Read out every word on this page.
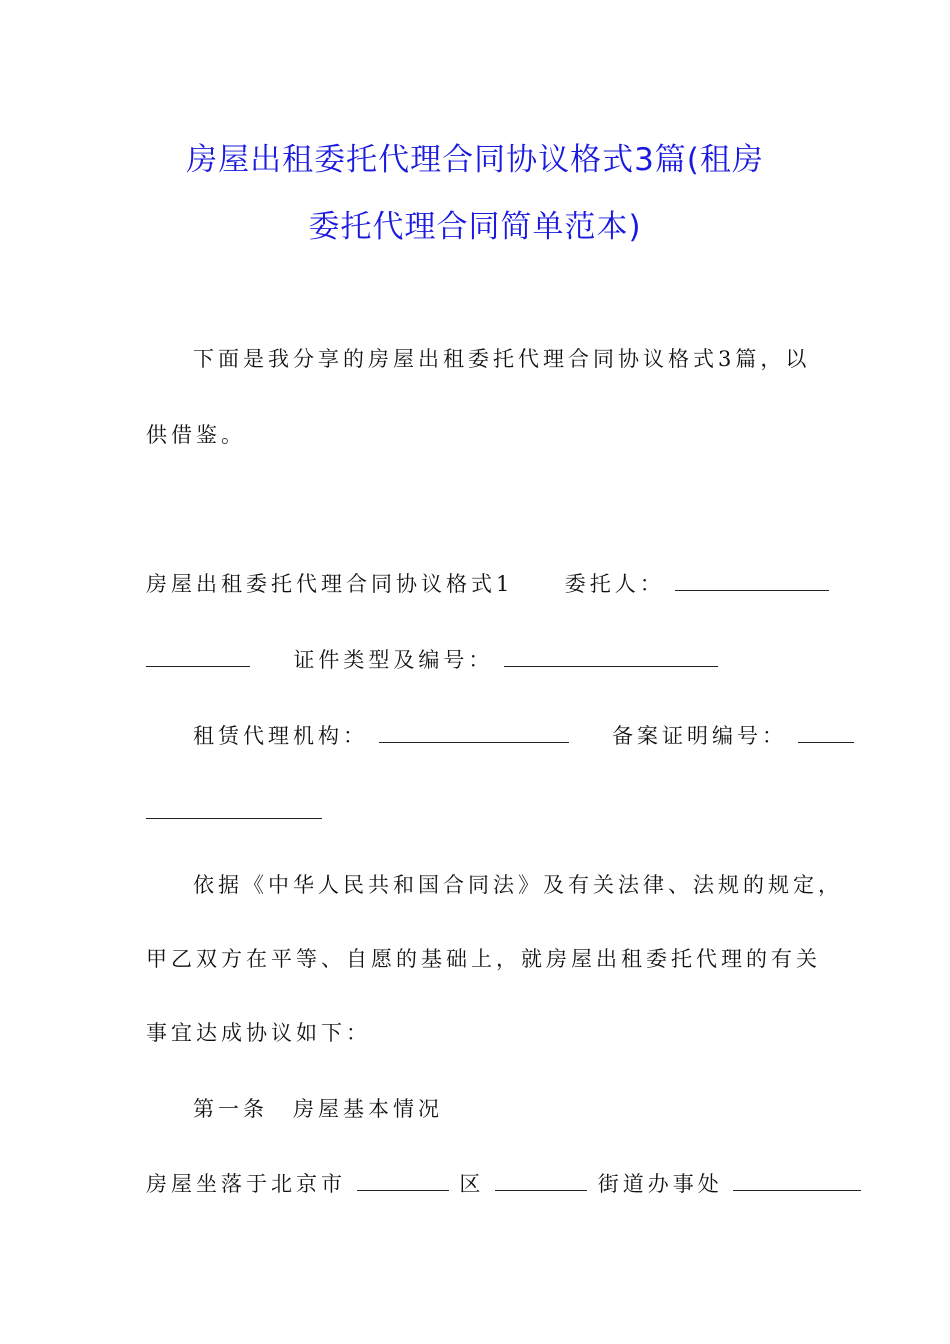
房屋出租委托代理合同协议格式3篇(租房
委托代理合同简单范本)
下面是我分享的房屋出租委托代理合同协议格式3篇，以
供借鉴。
房屋出租委托代理合同协议格式1 委托人：
证件类型及编号：
租赁代理机构：	备案证明编号：
依据《中华人民共和国合同法》及有关法律、法规的规定，
甲乙双方在平等、自愿的基础上，就房屋出租委托代理的有关
事宜达成协议如下：
第一条　房屋基本情况
房屋坐落于北京市	区	街道办事处
